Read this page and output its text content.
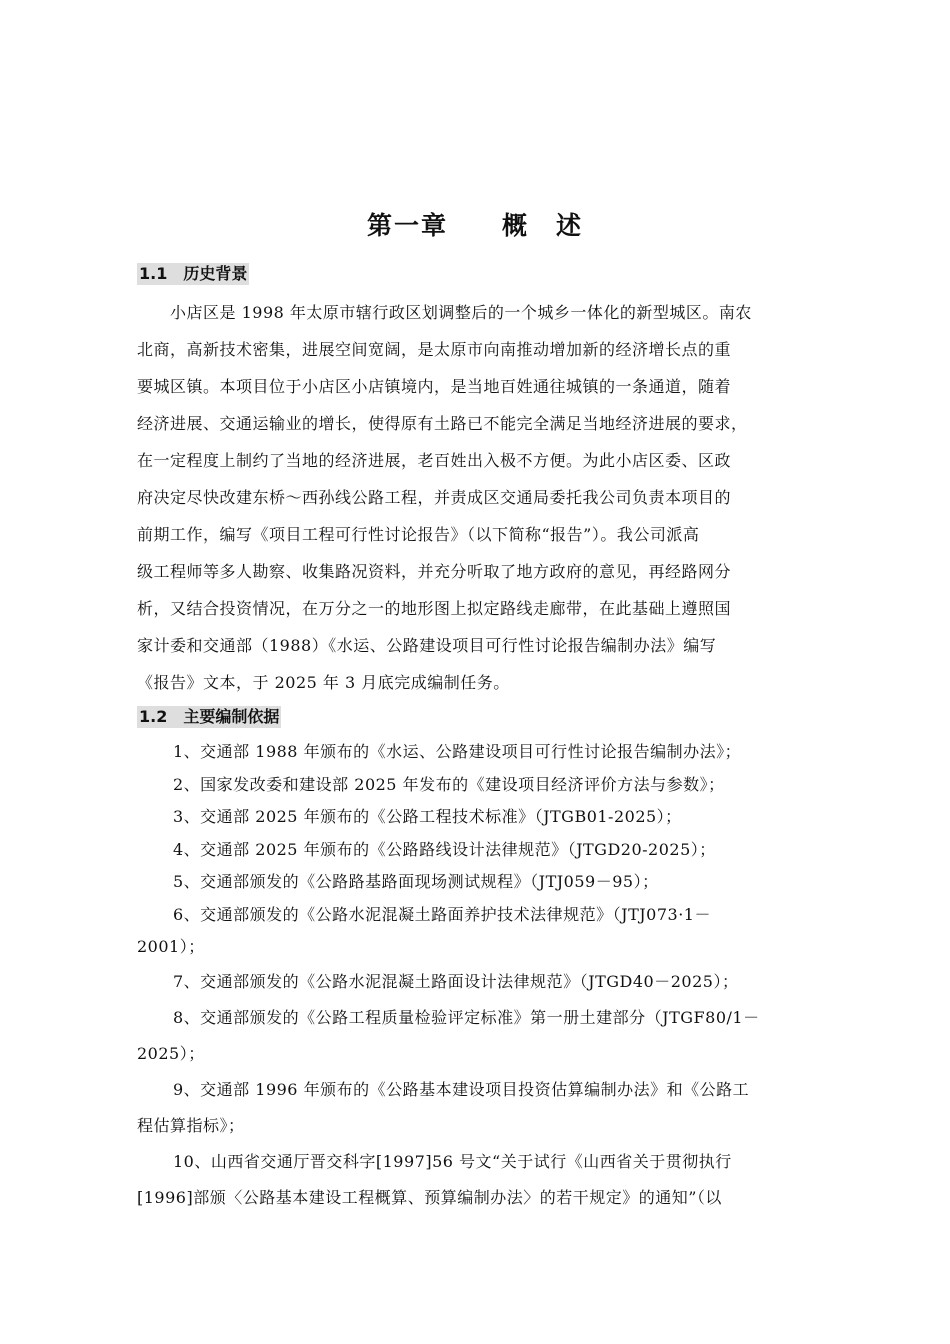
第一章　　概　述
1.1　历史背景

　　小店区是 1998 年太原市辖行政区划调整后的一个城乡一体化的新型城区。南农

北商，高新技术密集，进展空间宽阔，是太原市向南推动增加新的经济增长点的重

要城区镇。本项目位于小店区小店镇境内，是当地百姓通往城镇的一条通道，随着

经济进展、交通运输业的增长，使得原有土路已不能完全满足当地经济进展的要求，

在一定程度上制约了当地的经济进展，老百姓出入极不方便。为此小店区委、区政

府决定尽快改建东桥～西孙线公路工程，并责成区交通局委托我公司负责本项目的

前期工作，编写《项目工程可行性讨论报告》（以下简称“报告”）。我公司派高

级工程师等多人勘察、收集路况资料，并充分听取了地方政府的意见，再经路网分

析，又结合投资情况，在万分之一的地形图上拟定路线走廊带，在此基础上遵照国

家计委和交通部（1988）《水运、公路建设项目可行性讨论报告编制办法》编写

《报告》文本，于 2025 年 3 月底完成编制任务。

1.2　主要编制依据

1、交通部 1988 年颁布的《水运、公路建设项目可行性讨论报告编制办法》；

2、国家发改委和建设部 2025 年发布的《建设项目经济评价方法与参数》；

3、交通部 2025 年颁布的《公路工程技术标准》（JTGB01-2025）；

4、交通部 2025 年颁布的《公路路线设计法律规范》（JTGD20-2025）；

5、交通部颁发的《公路路基路面现场测试规程》（JTJ059－95）；

6、交通部颁发的《公路水泥混凝土路面养护技术法律规范》（JTJ073·1－

2001）；

7、交通部颁发的《公路水泥混凝土路面设计法律规范》（JTGD40－2025）；

8、交通部颁发的《公路工程质量检验评定标准》第一册土建部分（JTGF80/1－

2025）；

9、交通部 1996 年颁布的《公路基本建设项目投资估算编制办法》和《公路工

程估算指标》；

10、山西省交通厅晋交科字[1997]56 号文“关于试行《山西省关于贯彻执行

[1996]部颁〈公路基本建设工程概算、预算编制办法〉的若干规定》的通知”（以
